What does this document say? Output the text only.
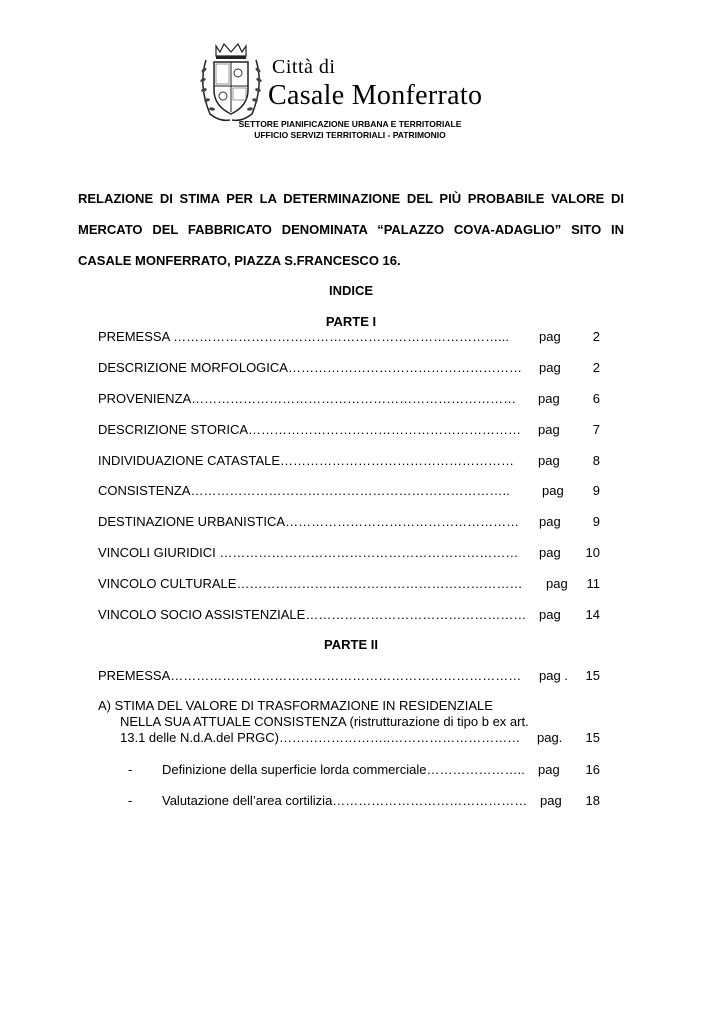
Città di
Casale Monferrato
SETTORE PIANIFICAZIONE URBANA E TERRITORIALE
UFFICIO SERVIZI TERRITORIALI - PATRIMONIO
RELAZIONE DI STIMA PER LA DETERMINAZIONE DEL PIÙ PROBABILE VALORE DI
MERCATO DEL FABBRICATO DENOMINATA “PALAZZO COVA-ADAGLIO” SITO IN
CASALE MONFERRATO, PIAZZA S.FRANCESCO 16.
INDICE
PARTE I
PREMESSA …………………………………………………………………... pag 2
DESCRIZIONE MORFOLOGICA……………………………………………… pag 2
PROVENIENZA………………………………………………………………… pag	6
DESCRIZIONE STORICA……………………………………………………… pag	7
INDIVIDUAZIONE CATASTALE……………………………………………… pag	8
CONSISTENZA……………………………………………………………….. pag 9
DESTINAZIONE URBANISTICA……………………………………………… pag 9
VINCOLI GIURIDICI …………………………………………………………… pag 10
VINCOLO CULTURALE………………………………………………………… pag 11
VINCOLO SOCIO ASSISTENZIALE…………………………………………… pag 14
PARTE II
PREMESSA……………………………………………………………………… pag . 15
A) STIMA DEL VALORE DI TRASFORMAZIONE IN RESIDENZIALE
NELLA SUA ATTUALE CONSISTENZA (ristrutturazione di tipo b ex art.
13.1 delle N.d.A.del PRGC)……………………..………………………… pag. 15
- Definizione della superficie lorda commerciale………………….. pag 16
- Valutazione dell’area cortilizia……………………………………… pag 18
